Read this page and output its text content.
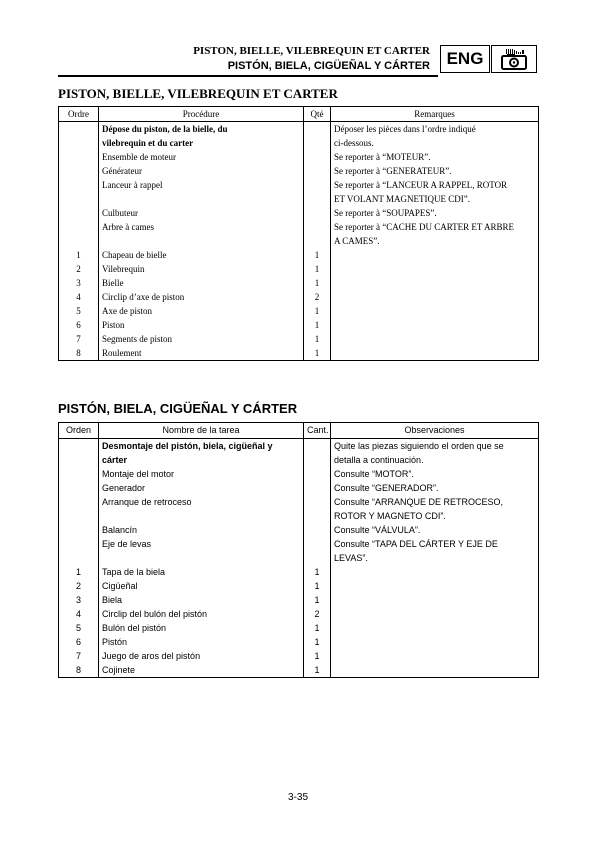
PISTON, BIELLE, VILEBREQUIN ET CARTER
PISTÓN, BIELA, CIGÜEÑAL Y CÁRTER ENG
PISTON, BIELLE, VILEBREQUIN ET CARTER
Ordre	Procédure	Qté	Remarques
	Dépose du piston, de la bielle, du		Déposer les pièces dans l’ordre indiqué
	vilebrequin et du carter		ci-dessous.
	Ensemble de moteur		Se reporter à “MOTEUR”.
	Générateur		Se reporter à “GENERATEUR”.
	Lanceur à rappel		Se reporter à “LANCEUR A RAPPEL, ROTOR
			ET VOLANT MAGNETIQUE CDI”.
	Culbuteur		Se reporter à “SOUPAPES”.
	Arbre à cames		Se reporter à “CACHE DU CARTER ET ARBRE
			A CAMES”.
1	Chapeau de bielle	1	
2	Vilebrequin	1	
3	Bielle	1	
4	Circlip d’axe de piston	2	
5	Axe de piston	1	
6	Piston	1	
7	Segments de piston	1	
8	Roulement	1	
PISTÓN, BIELA, CIGÜEÑAL Y CÁRTER
Orden	Nombre de la tarea	Cant.	Observaciones
	Desmontaje del pistón, biela, cigüeñal y		Quite las piezas siguiendo el orden que se
	cárter		detalla a continuación.
	Montaje del motor		Consulte “MOTOR”.
	Generador		Consulte “GENERADOR”.
	Arranque de retroceso		Consulte “ARRANQUE DE RETROCESO,
			ROTOR Y MAGNETO CDI”.
	Balancín		Consulte “VÁLVULA”.
	Eje de levas		Consulte “TAPA DEL CÁRTER Y EJE DE
			LEVAS”.
1	Tapa de la biela	1	
2	Cigüeñal	1	
3	Biela	1	
4	Circlip del bulón del pistón	2	
5	Bulón del pistón	1	
6	Pistón	1	
7	Juego de aros del pistón	1	
8	Cojinete	1	
3-35
